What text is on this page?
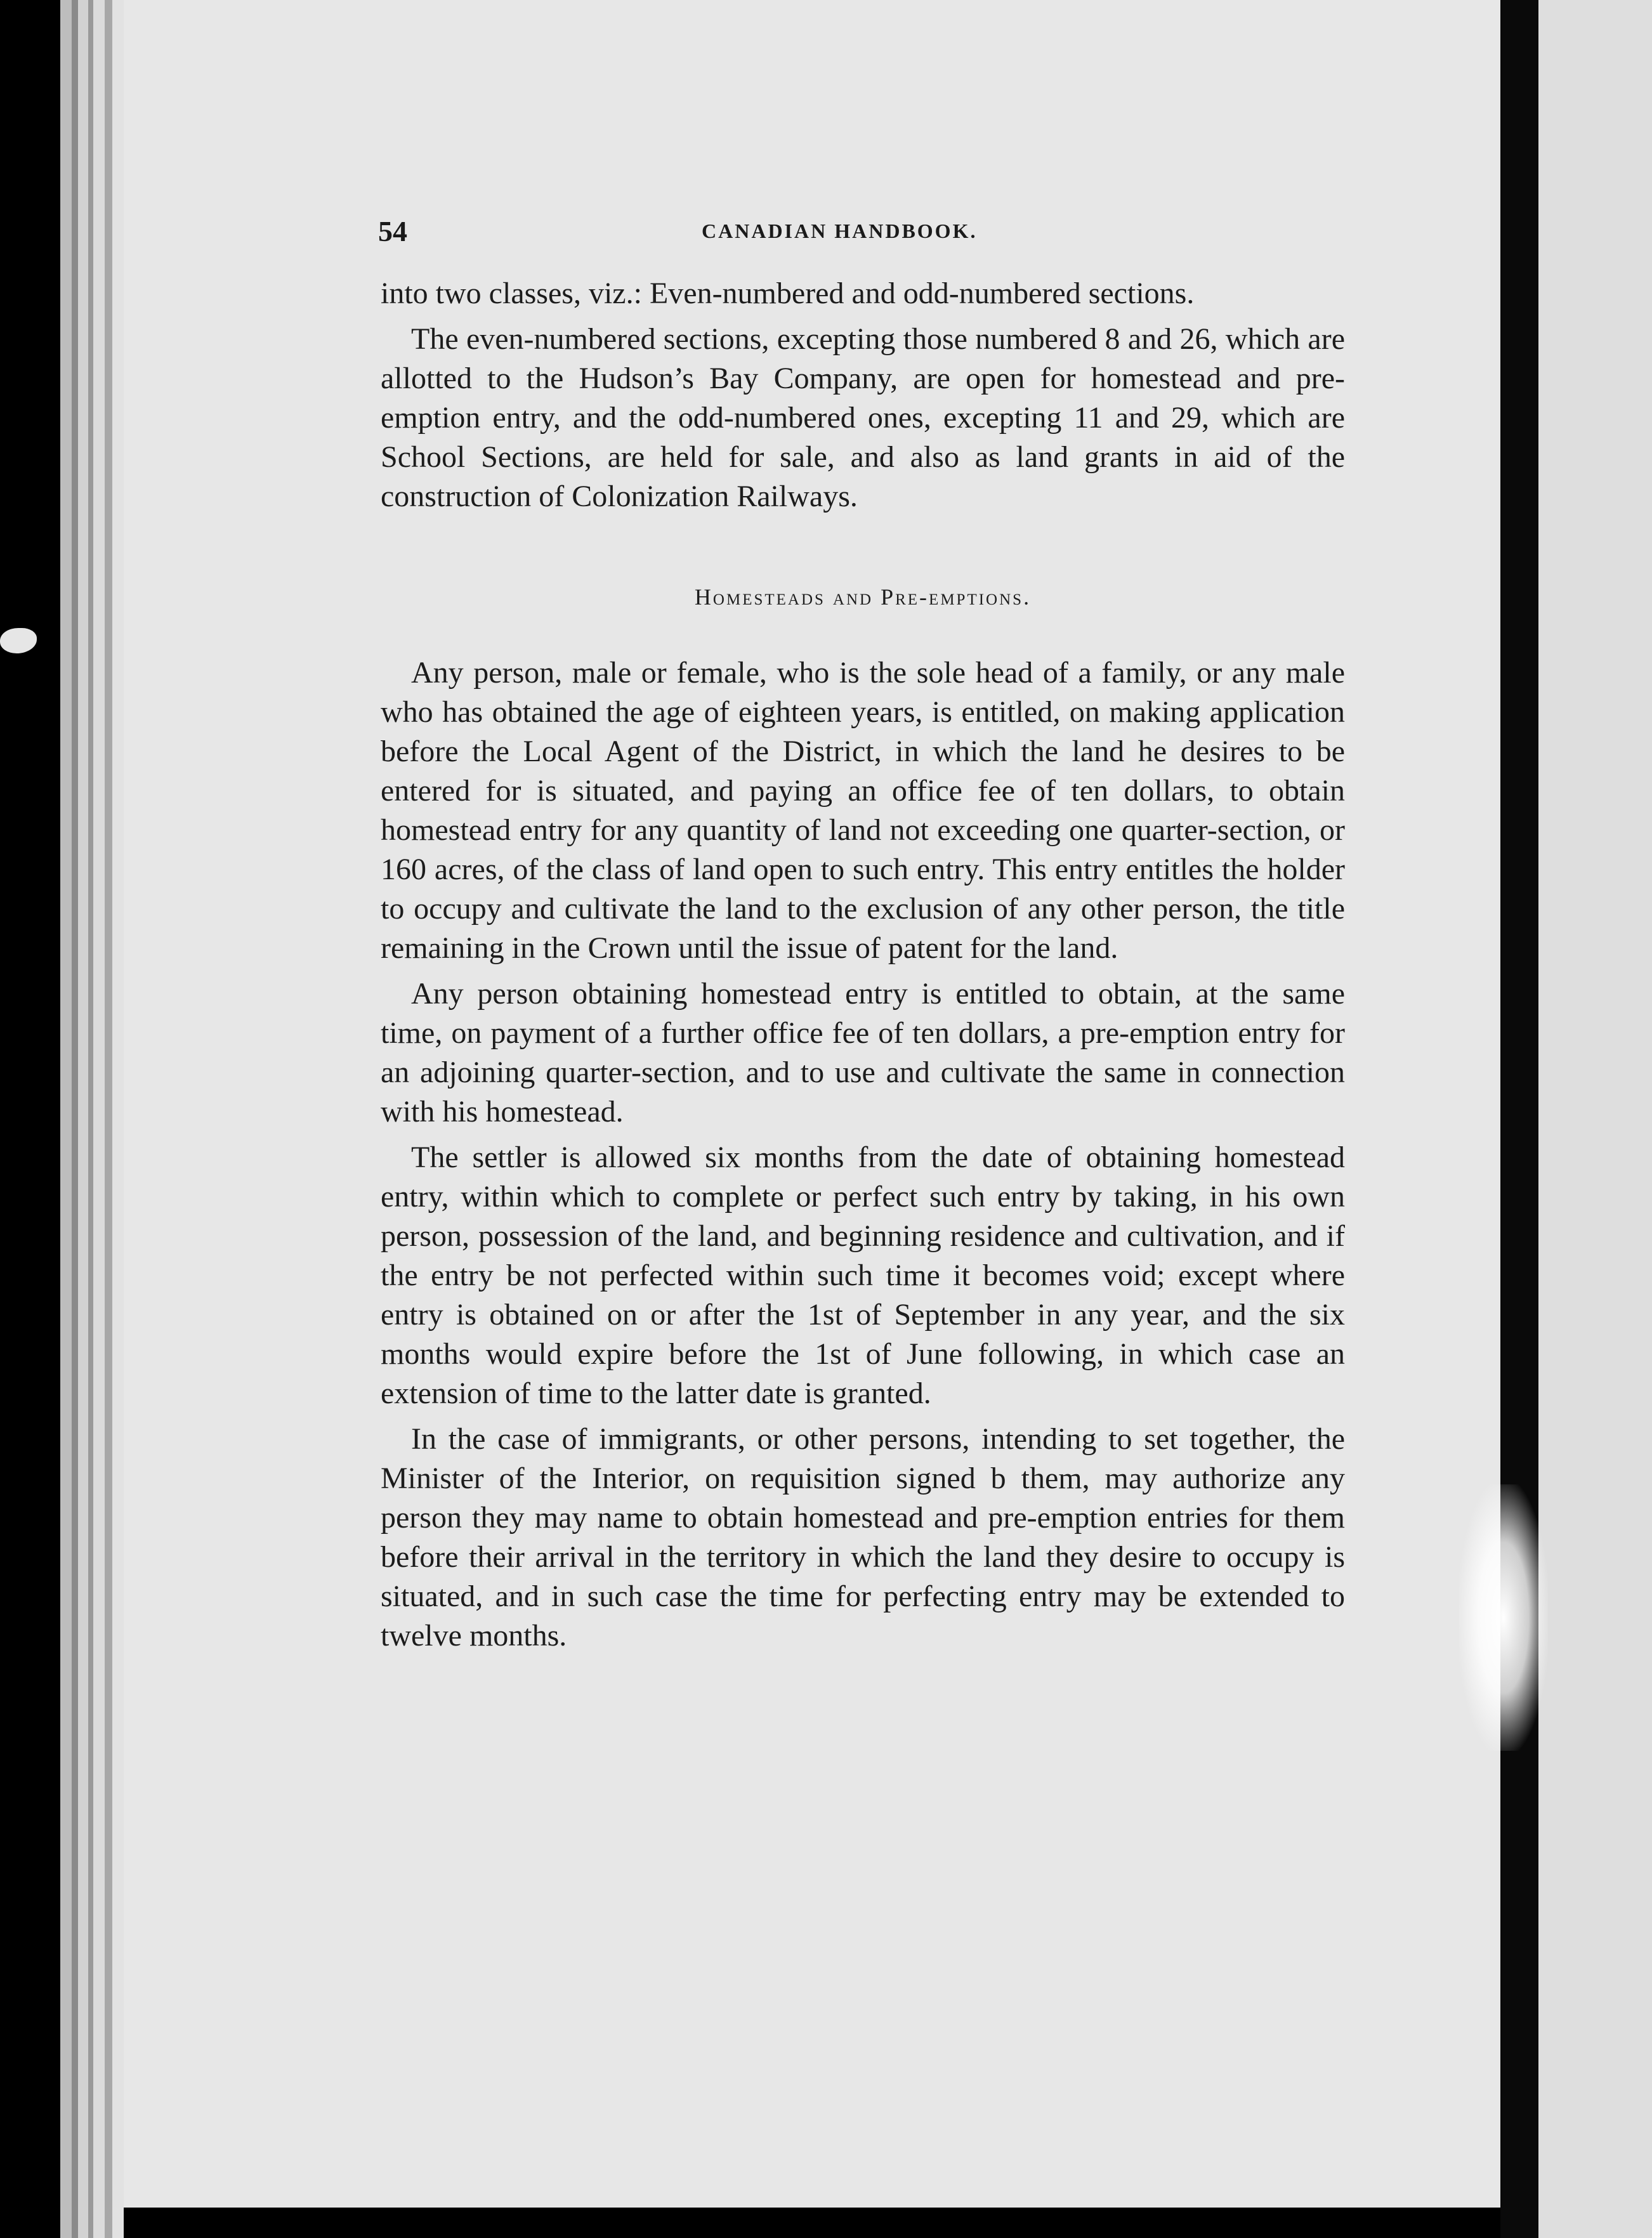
54	CANADIAN HANDBOOK.

into two classes, viz.: Even-numbered and odd-numbered sections.

The even-numbered sections, excepting those numbered 8 and 26, which are allotted to the Hudson’s Bay Company, are open for homestead and pre-emption entry, and the odd-numbered ones, excepting 11 and 29, which are School Sections, are held for sale, and also as land grants in aid of the construction of Colonization Railways.

Homesteads and Pre-emptions.

Any person, male or female, who is the sole head of a family, or any male who has obtained the age of eighteen years, is entitled, on making application before the Local Agent of the District, in which the land he desires to be entered for is situated, and paying an office fee of ten dollars, to obtain homestead entry for any quantity of land not exceeding one quarter-section, or 160 acres, of the class of land open to such entry. This entry entitles the holder to occupy and cultivate the land to the exclusion of any other person, the title remaining in the Crown until the issue of patent for the land.

Any person obtaining homestead entry is entitled to obtain, at the same time, on payment of a further office fee of ten dollars, a pre-emption entry for an adjoining quarter-section, and to use and cultivate the same in connection with his homestead.

The settler is allowed six months from the date of obtaining homestead entry, within which to complete or perfect such entry by taking, in his own person, possession of the land, and beginning residence and cultivation, and if the entry be not perfected within such time it becomes void; except where entry is obtained on or after the 1st of September in any year, and the six months would expire before the 1st of June following, in which case an extension of time to the latter date is granted.

In the case of immigrants, or other persons, intending to set together, the Minister of the Interior, on requisition signed b them, may authorize any person they may name to obtain homestead and pre-emption entries for them before their arrival in the territory in which the land they desire to occupy is situated, and in such case the time for perfecting entry may be extended to twelve months.
